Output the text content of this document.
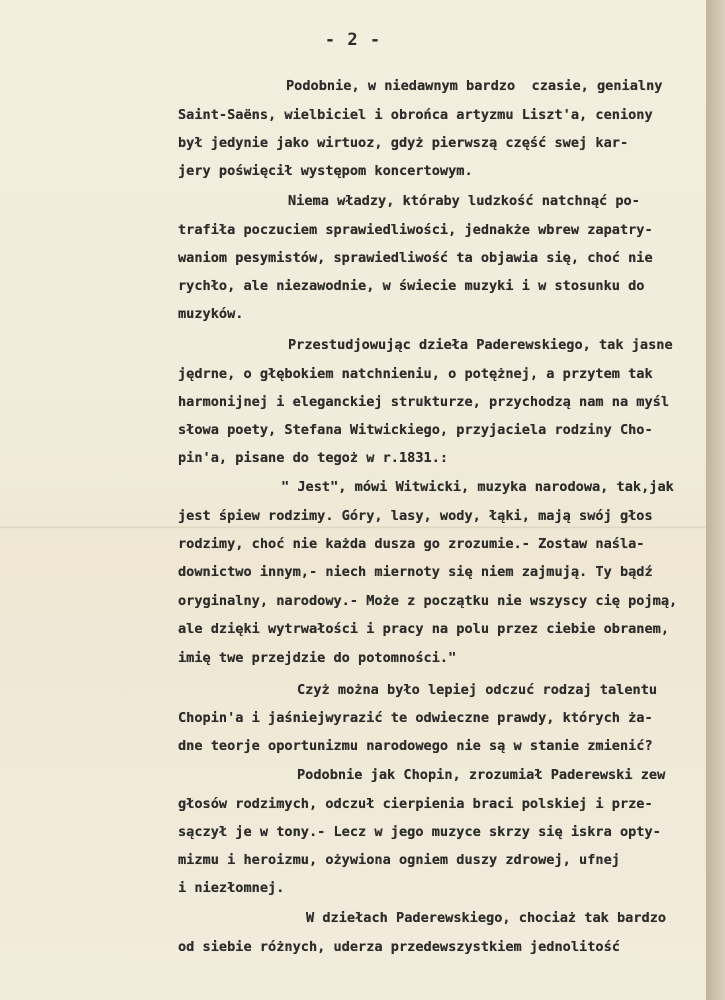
- 2 -
Podobnie, w niedawnym bardzo  czasie, genialny
Saint-Saëns, wielbiciel i obrońca artyzmu Liszt'a, ceniony
był jedynie jako wirtuoz, gdyż pierwszą część swej kar-
jery poświęcił występom koncertowym.
Niema władzy, któraby ludzkość natchnąć po-
trafiła poczuciem sprawiedliwości, jednakże wbrew zapatry-
waniom pesymistów, sprawiedliwość ta objawia się, choć nie
rychło, ale niezawodnie, w świecie muzyki i w stosunku do
muzyków.
Przestudjowując dzieła Paderewskiego, tak jasne
jędrne, o głębokiem natchnieniu, o potężnej, a przytem tak
harmonijnej i eleganckiej strukturze, przychodzą nam na myśl
słowa poety, Stefana Witwickiego, przyjaciela rodziny Cho-
pin'a, pisane do tegoż w r.1831.:
" Jest", mówi Witwicki, muzyka narodowa, tak,jak
jest śpiew rodzimy. Góry, lasy, wody, łąki, mają swój głos
rodzimy, choć nie każda dusza go zrozumie.- Zostaw naśla-
downictwo innym,- niech miernoty się niem zajmują. Ty bądź
oryginalny, narodowy.- Może z początku nie wszyscy cię pojmą,
ale dzięki wytrwałości i pracy na polu przez ciebie obranem,
imię twe przejdzie do potomności."
Czyż można było lepiej odczuć rodzaj talentu
Chopin'a i jaśniejwyrazić te odwieczne prawdy, których ża-
dne teorje oportunizmu narodowego nie są w stanie zmienić?
Podobnie jak Chopin, zrozumiał Paderewski zew
głosów rodzimych, odczuł cierpienia braci polskiej i prze-
sączył je w tony.- Lecz w jego muzyce skrzy się iskra opty-
mizmu i heroizmu, ożywiona ogniem duszy zdrowej, ufnej
i niezłomnej.
W dziełach Paderewskiego, chociaż tak bardzo
od siebie różnych, uderza przedewszystkiem jednolitość
